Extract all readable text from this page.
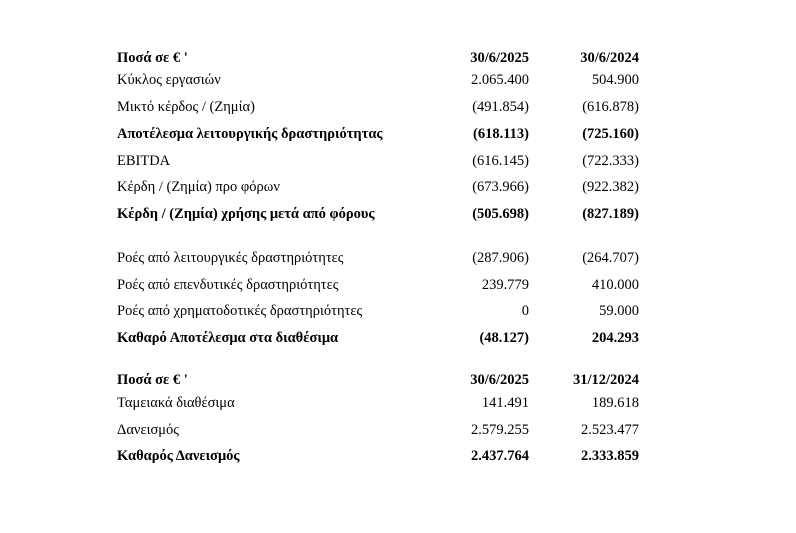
Ποσά σε € '	30/6/2025	30/6/2024
Κύκλος εργασιών	2.065.400	504.900
Μικτό κέρδος / (Ζημία)	(491.854)	(616.878)
Αποτέλεσμα λειτουργικής δραστηριότητας	(618.113)	(725.160)
EBITDA	(616.145)	(722.333)
Κέρδη / (Ζημία) προ φόρων	(673.966)	(922.382)
Κέρδη / (Ζημία) χρήσης μετά από φόρους	(505.698)	(827.189)
Ροές από λειτουργικές δραστηριότητες	(287.906)	(264.707)
Ροές από επενδυτικές δραστηριότητες	239.779	410.000
Ροές από χρηματοδοτικές δραστηριότητες	0	59.000
Καθαρό Αποτέλεσμα στα διαθέσιμα	(48.127)	204.293
Ποσά σε € '	30/6/2025	31/12/2024
Ταμειακά διαθέσιμα	141.491	189.618
Δανεισμός	2.579.255	2.523.477
Καθαρός Δανεισμός	2.437.764	2.333.859
